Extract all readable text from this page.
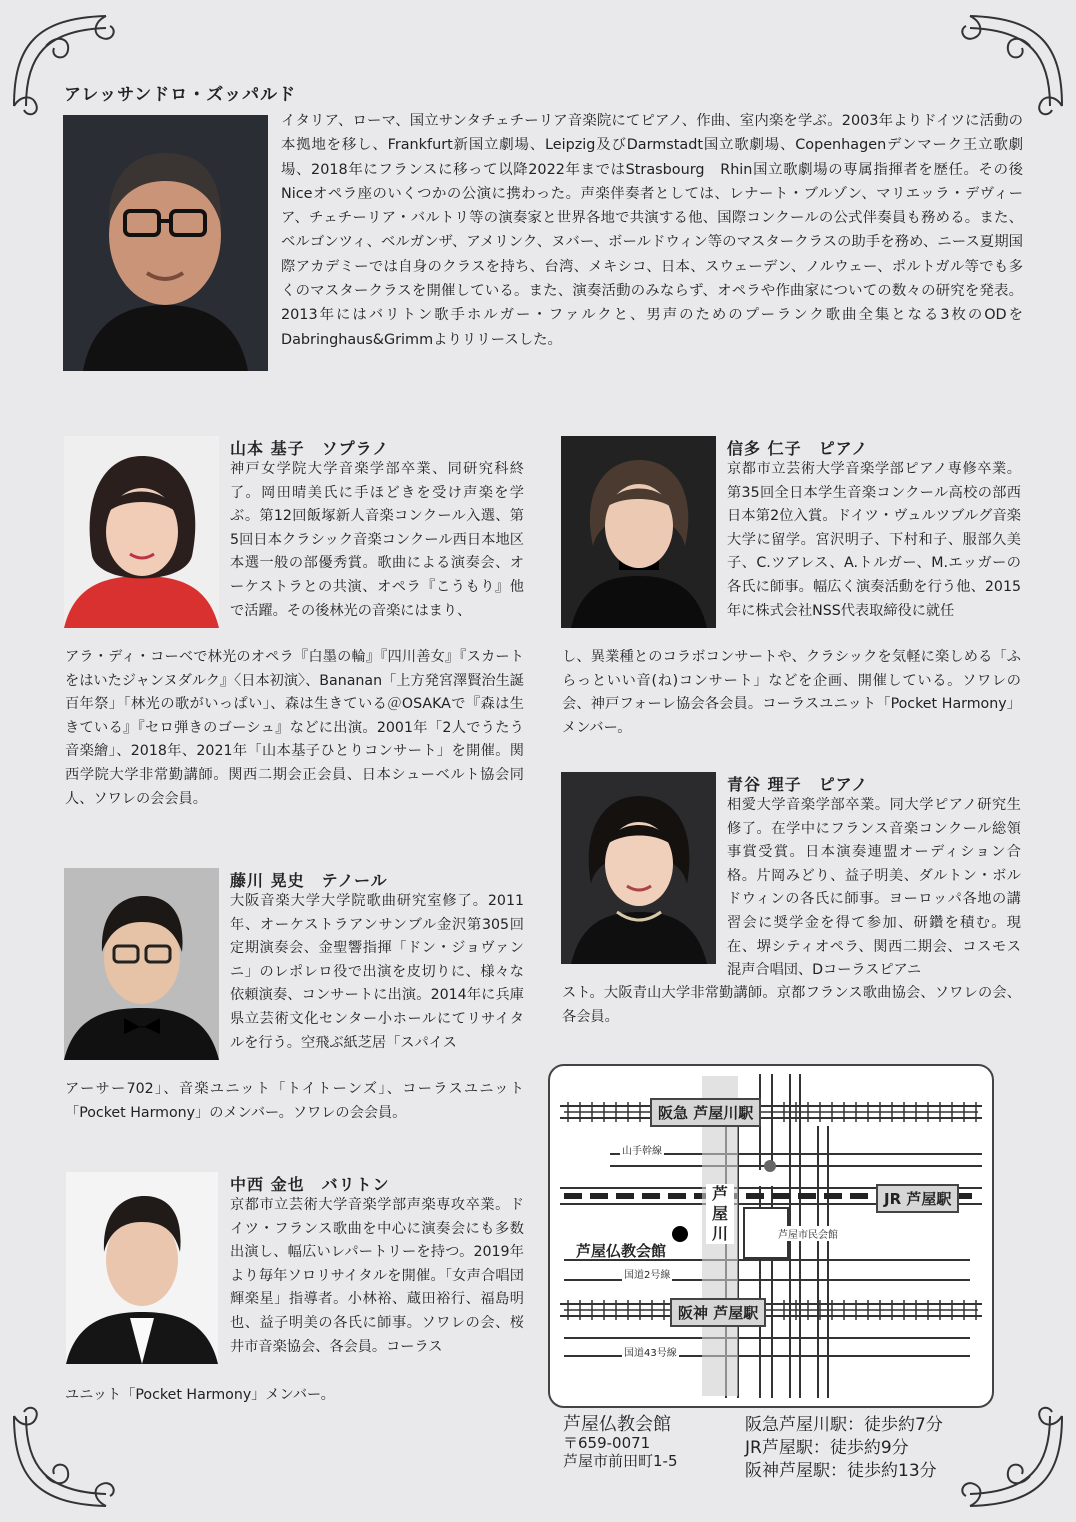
アレッサンドロ・ズッパルド
イタリア、ローマ、国立サンタチェチーリア音楽院にてピアノ、作曲、室内楽を学ぶ。2003年よりドイツに活動の本拠地を移し、Frankfurt新国立劇場、Leipzig及びDarmstadt国立歌劇場、Copenhagenデンマーク王立歌劇場、2018年にフランスに移って以降2022年まではStrasbourg　Rhin国立歌劇場の専属指揮者を歴任。その後Niceオペラ座のいくつかの公演に携わった。声楽伴奏者としては、レナート・ブルゾン、マリエッラ・デヴィーア、チェチーリア・バルトリ等の演奏家と世界各地で共演する他、国際コンクールの公式伴奏員も務める。また、ベルゴンツィ、ベルガンザ、アメリンク、ヌバー、ボールドウィン等のマスタークラスの助手を務め、ニース夏期国際アカデミーでは自身のクラスを持ち、台湾、メキシコ、日本、スウェーデン、ノルウェー、ポルトガル等でも多くのマスタークラスを開催している。また、演奏活動のみならず、オペラや作曲家についての数々の研究を発表。2013年にはバリトン歌手ホルガー・ファルクと、男声のためのプーランク歌曲全集となる3枚のODをDabringhaus&Grimmよりリリースした。
山本 基子　ソプラノ
神戸女学院大学音楽学部卒業、同研究科終了。岡田晴美氏に手ほどきを受け声楽を学ぶ。第12回飯塚新人音楽コンクール入選、第5回日本クラシック音楽コンクール西日本地区本選一般の部優秀賞。歌曲による演奏会、オーケストラとの共演、オペラ『こうもり』他で活躍。その後林光の音楽にはまり、
アラ・ディ・コーベで林光のオペラ『白墨の輪』『四川善女』『スカートをはいたジャンヌダルク』〈日本初演〉、Bananan「上方発宮澤賢治生誕百年祭」「林光の歌がいっぱい」、森は生きている＠OSAKAで『森は生きている』『セロ弾きのゴーシュ』などに出演。2001年「2人でうたう音楽繪」、2018年、2021年「山本基子ひとりコンサート」を開催。関西学院大学非常勤講師。関西二期会正会員、日本シューベルト協会同人、ソワレの会会員。
藤川 晃史　テノール
大阪音楽大学大学院歌曲研究室修了。2011年、オーケストラアンサンブル金沢第305回定期演奏会、金聖響指揮「ドン・ジョヴァンニ」のレポレロ役で出演を皮切りに、様々な依頼演奏、コンサートに出演。2014年に兵庫県立芸術文化センター小ホールにてリサイタルを行う。空飛ぶ紙芝居「スパイス
アーサー702」、音楽ユニット「トイトーンズ」、コーラスユニット「Pocket Harmony」のメンバー。ソワレの会会員。
中西 金也　バリトン
京都市立芸術大学音楽学部声楽専攻卒業。ドイツ・フランス歌曲を中心に演奏会にも多数出演し、幅広いレパートリーを持つ。2019年より毎年ソロリサイタルを開催。「女声合唱団輝楽星」指導者。小林裕、蔵田裕行、福島明也、益子明美の各氏に師事。ソワレの会、桜井市音楽協会、各会員。コーラス
ユニット「Pocket Harmony」メンバー。
信多 仁子　ピアノ
京都市立芸術大学音楽学部ピアノ専修卒業。第35回全日本学生音楽コンクール高校の部西日本第2位入賞。ドイツ・ヴュルツブルグ音楽大学に留学。宮沢明子、下村和子、服部久美子、C.ツアレス、A.トルガー、M.エッガーの各氏に師事。幅広く演奏活動を行う他、2015年に株式会社NSS代表取締役に就任
し、異業種とのコラボコンサートや、クラシックを気軽に楽しめる「ふらっといい音(ね)コンサート」などを企画、開催している。ソワレの会、神戸フォーレ協会各会員。コーラスユニット「Pocket Harmony」メンバー。
青谷 理子　ピアノ
相愛大学音楽学部卒業。同大学ピアノ研究生修了。在学中にフランス音楽コンクール総領事賞受賞。日本演奏連盟オーディション合格。片岡みどり、益子明美、ダルトン・ボルドウィンの各氏に師事。ヨーロッパ各地の講習会に奨学金を得て参加、研鑽を積む。現在、堺シティオペラ、関西二期会、コスモス混声合唱団、Dコーラスピアニ
スト。大阪青山大学非常勤講師。京都フランス歌曲協会、ソワレの会、各会員。
阪急 芦屋川駅
JR 芦屋駅
阪神 芦屋駅
山手幹線
芦屋川	芦屋市民会館
芦屋仏教会館
国道2号線
国道43号線
芦屋仏教会館
〒659-0071
芦屋市前田町1-5
阪急芦屋川駅：徒歩約7分
JR芦屋駅：徒歩約9分
阪神芦屋駅：徒歩約13分
